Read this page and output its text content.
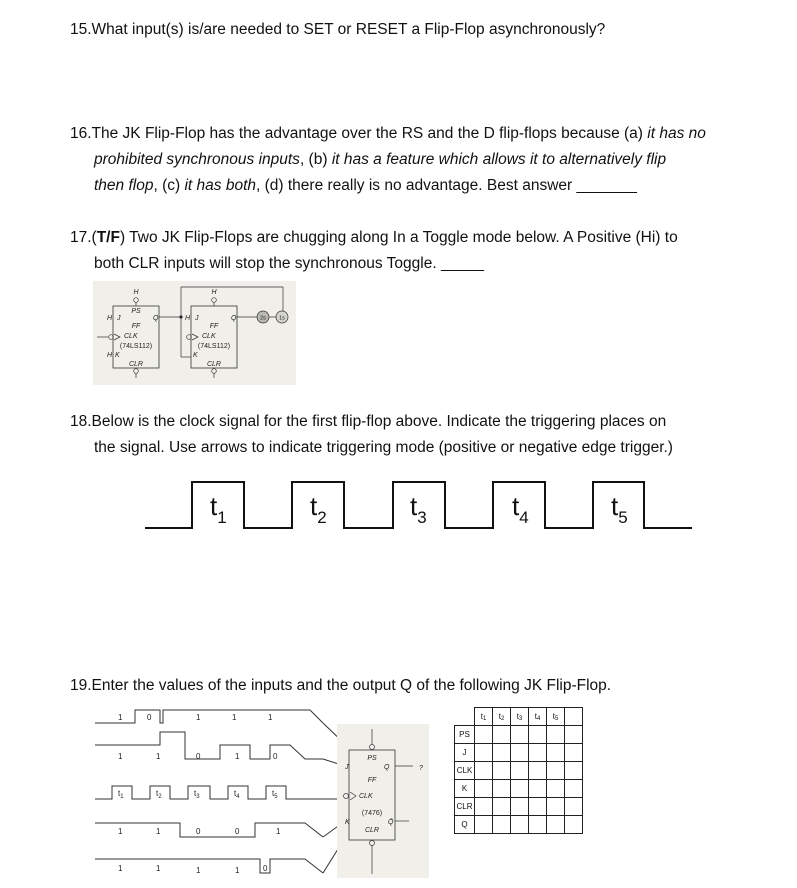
15.What input(s) is/are needed to SET or RESET a Flip-Flop asynchronously?
16.The JK Flip-Flop has the advantage over the RS and the D flip-flops because (a) it has no
prohibited synchronous inputs, (b) it has a feature which allows it to alternatively flip
then flop, (c) it has both, (d) there really is no advantage. Best answer _______
17.(T/F) Two JK Flip-Flops are chugging along In a Toggle mode below. A Positive (Hi) to
both CLR inputs will stop the synchronous Toggle. _____
H
PS
H J	Q
FF
CLK
(74LS112)
H K
CLR
H
H J	Q
FF
CLK
(74LS112)
K
CLR
2s 1s
18.Below is the clock signal for the first flip-flop above. Indicate the triggering places on
the signal. Use arrows to indicate triggering mode (positive or negative edge trigger.)
$t_1$	$t_2$	$t_3$	$t_4$	$t_5$
19.Enter the values of the inputs and the output Q of the following JK Flip-Flop.
1	0	1	1	1
1	1	0	1	0
$t_1$	$t_2$	$t_3$	$t_4$	$t_5$
1	1	0	0	1
1	1	1	1	0
PS
J	Q	?
FF
CLK
(7476)
K
CLR
Q̄
	t1	t2	t3	t4	t5	
PS						
J						
CLK						
K						
CLR						
Q						
